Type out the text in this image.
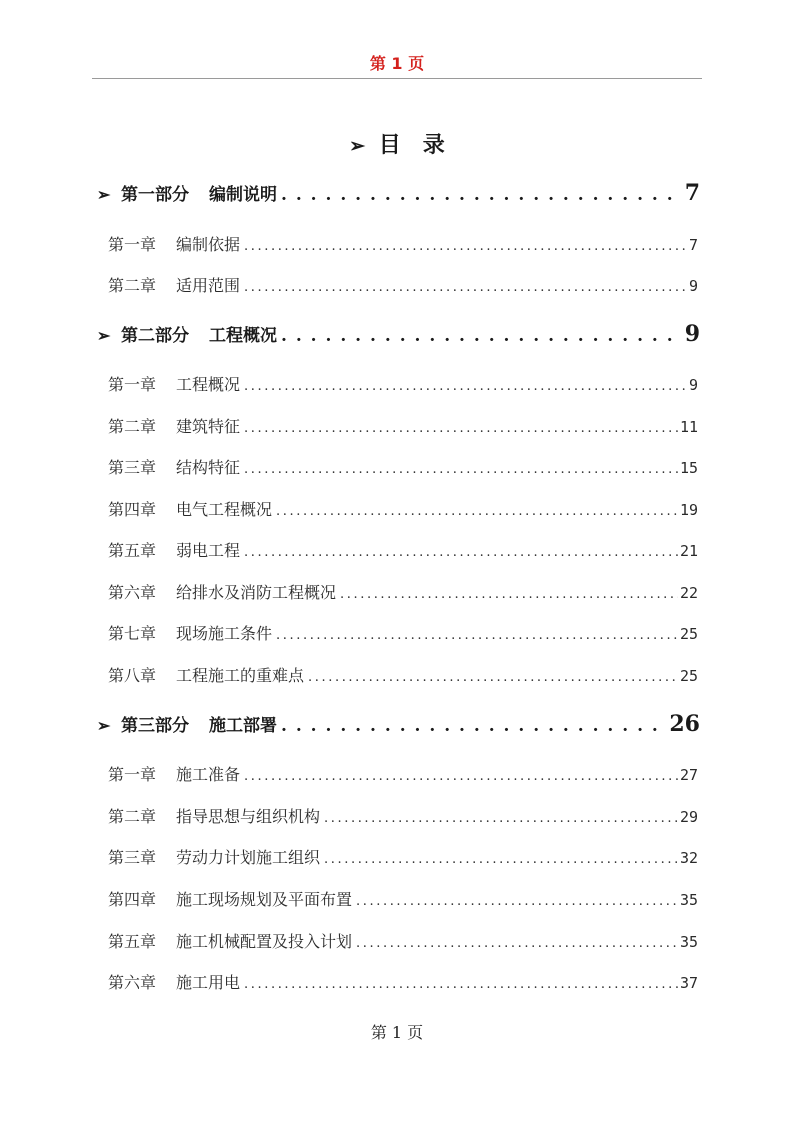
第 1 页
➢ 目　录
➢ 第一部分 编制说明 . . .	7
第一章 编制依据 .....	7
第二章 适用范围 .....	9
➢ 第二部分 工程概况 . . .	9
第一章 工程概况 .....	9
第二章 建筑特征 .....	11
第三章 结构特征 .....	15
第四章 电气工程概况 .....	19
第五章 弱电工程 .....	21
第六章 给排水及消防工程概况 .....	22
第七章 现场施工条件 .....	25
第八章 工程施工的重难点 .....	25
➢ 第三部分 施工部署 . . .	26
第一章 施工准备 .....	27
第二章 指导思想与组织机构 .....	29
第三章 劳动力计划施工组织 .....	32
第四章 施工现场规划及平面布置 .....	35
第五章 施工机械配置及投入计划 .....	35
第六章 施工用电 .....	37
第 1 页
